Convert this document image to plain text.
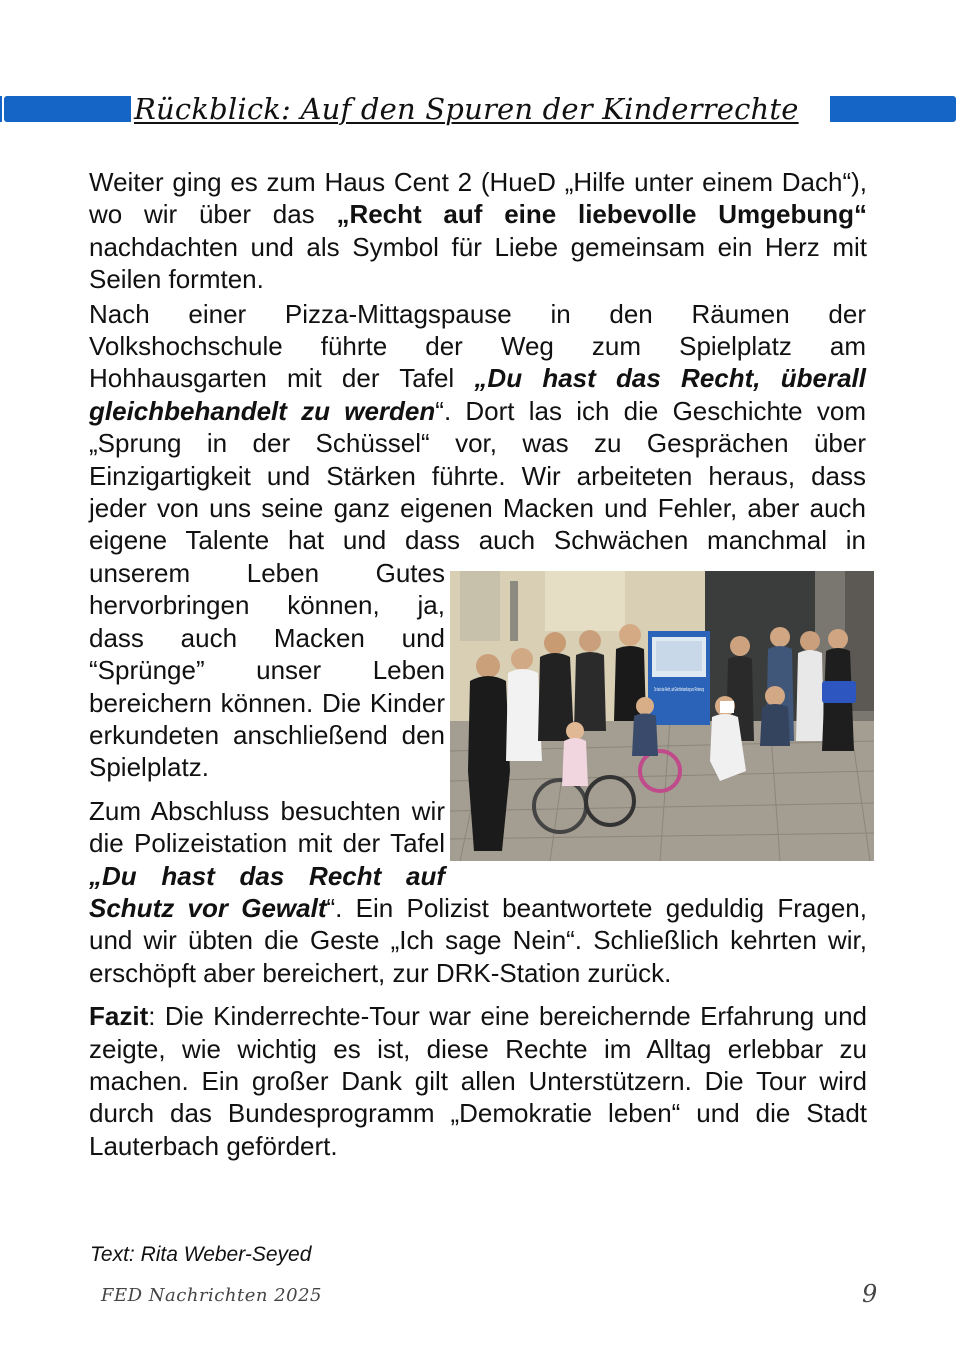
Rückblick: Auf den Spuren der Kinderrechte

Weiter ging es zum Haus Cent 2 (HueD „Hilfe unter einem Dach“), wo wir über das „Recht auf eine liebevolle Umgebung“ nachdachten und als Symbol für Liebe gemeinsam ein Herz mit Seilen formten.

Nach einer Pizza-Mittagspause in den Räumen der Volkshochschule führte der Weg zum Spielplatz am Hohhausgarten mit der Tafel „Du hast das Recht, überall gleichbehandelt zu werden“. Dort las ich die Geschichte vom „Sprung in der Schüssel“ vor, was zu Gesprächen über Einzigartigkeit und Stärken führte. Wir arbeiteten heraus, dass jeder von uns seine ganz eigenen Macken und Fehler, aber auch eigene Talente hat und dass auch Schwächen manchmal in unserem Leben Gutes hervorbringen können, ja, dass auch Macken und “Sprünge” unser Leben bereichern können. Die Kinder erkundeten anschließend den Spielplatz.

Zum Abschluss besuchten wir die Polizeistation mit der Tafel „Du hast das Recht auf Schutz vor Gewalt“. Ein Polizist beantwortete geduldig Fragen, und wir übten die Geste „Ich sage Nein“. Schließlich kehrten wir, erschöpft aber bereichert, zur DRK-Station zurück.

Fazit: Die Kinderrechte-Tour war eine bereichernde Erfahrung und zeigte, wie wichtig es ist, diese Rechte im Alltag erlebbar zu machen. Ein großer Dank gilt allen Unterstützern. Die Tour wird durch das Bundesprogramm „Demokratie leben“ und die Stadt Lauterbach gefördert.

Du hast das Recht, auf Gleichbehandlung und Förderung
Text: Rita Weber-Seyed
FED Nachrichten 2025	9
